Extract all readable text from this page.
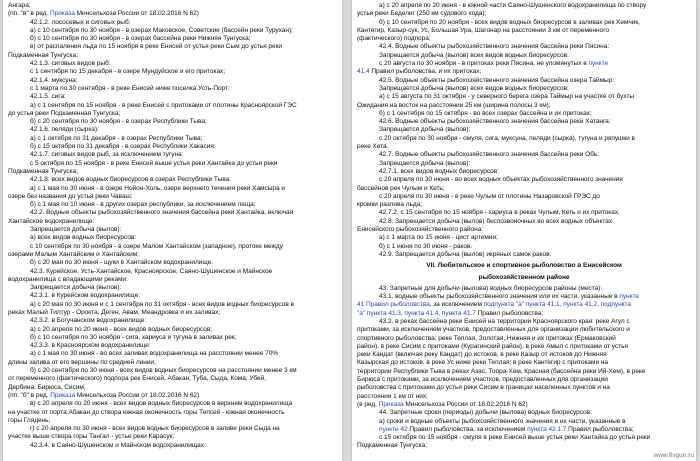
Ангара;
(пп. "в" в ред. Приказа Минсельхоза России от 18.02.2016 N 62)
42.1.2. лососевых и сиговых рыб:
а) с 10 сентября по 30 ноября - в озерах Маковское, Советские (бассейн реки Турухан);
б) с 10 сентября по 30 ноября - в озерах бассейна реки Нижняя Тунгуска;
в) от распаления льда по 15 ноября в реке Енисей от устья реки Сым до устья реки
Подкаменная Тунгуска;
42.1.3. сиговых видов рыб:
с 1 сентября по 15 декабря - в озере Мундуйское и его притоках;
42.1.4. муксуна:
с 1 марта по 30 сентября - в реке Енисей ниже поселка Усть-Порт;
42.1.5. сига:
а) с 1 сентября по 15 ноября - в реке Енисей с притоками от плотины Красноярской ГЭС
до устья реки Подкаменная Тунгуска;
б) с 20 сентября по 30 ноября - в озерах Республики Тыва;
42.1.6. пеляди (сырка):
а) с 1 октября по 31 декабря - в озерах Республики Тыва;
б) с 15 октября по 31 декабря - в озерах Республики Хакасия;
42.1.7. сиговых видов рыб, за исключением тугуна:
с 5 октября по 15 ноября - в реке Енисей выше устья реки Хантайка до устья реки
Подкаменная Тунгуска;
42.1.8. всех видов водных биоресурсов в озерах Республики Тыва:
а) с 1 мая по 30 июня - в озере Нойон-Холь, озере верхнего течения реки Хамсыра и
озере без названия до устья реки Чаваш;
б) с 1 мая по 10 июня - в других озерах республики, за исключением леща;
42.2. Водные объекты рыбохозяйственного значения бассейна реки Хантайка, включая
Хантайское водохранилище:
Запрещается добыча (вылов):
а) всех видов водных биоресурсов:
с 10 сентября по 30 ноября - в озере Малом Хантайском (западное), протоке между
озерами Малым Хантайским и Хантайским;
б) с 20 мая по 30 июня - щуки в Хантайском водохранилище.
42.3. Курейское, Усть-Хантайское, Красноярское, Саяно-Шушенское и Майнское
водохранилища с впадающими реками:
Запрещается добыча (вылов):
42.3.1. в Курейском водохранилище:
а) с 20 мая по 30 июня и с 1 сентября по 31 октября - всех видов водных биоресурсов в
реках Малый Тилтур - Ороктa, Деген, Авам, Меандрoвка и их заливах;
42.3.2. в Богучанском водохранилище:
а) с 20 апреля по 20 июня - всех видов водных биоресурсов;
б) с 10 сентября по 30 ноября - сига, хариуса и тугуна в заливах рек;
42.3.3. в Красноярском водохранилище:
а) с 1 мая по 30 июня - во всех заливах водохранилища на расстоянии менее 70%
длины залива от его вершины по средней линии;
б) с 20 сентября по 30 июня - всех видов водных биоресурсов на расстоянии менее 3 км
от переменного (фактического) подпора рек Енисей, Абакан, Туба, Сыда, Кома, Убей,
Дербина, Бирюса, Сисим;
(пп. "б" в ред. Приказа Минсельхоза России от 18.02.2016 N 62)
в) с 20 апреля по 20 июня - всех видов водных биоресурсов в верхнем водохранилища
на участке от порта Абакан до створа южная оконечность горы Тепсей - южная оконечность
горы Глядень;
г) с 20 апреля по 30 июня - всех видов водных биоресурсов в заливе реки Сыда на
участке выше створа горы Тангал - устье реки Карасук;
42.3.4. в Саяно-Шушенском и Майнском водохранилищах:
а) с 20 апреля по 20 июня - в южной части Саяно-Шушенского водохранилища по створу
устья реки Беделиг (250 км судового хода);
б) с 10 сентября по 20 ноября - всех видов водных биоресурсов в заливах рек Хемчик,
Кантегир, Казыр-сук, Ус, Большая Ура, Шагонар на расстоянии 3 км от переменного
(фактического) подпора;
42.4. Водные объекты рыбохозяйственного значения бассейна реки Пясина:
Запрещается добыча (вылов) всех видов водных биоресурсов:
с 20 августа по 30 ноября - в притоках реки Пясина, не упомянутых в пункте
41.4 Правил рыболовства, и их притоках;
42.5. Водные объекты рыбохозяйственного значения бассейна озера Таймыр:
Запрещается добыча (вылов) всех видов водных биоресурсов:
а) с 15 августа по 31 октября - у северного берега озера Таймыр на участке от бухты
Ожидания на восток на расстоянии 25 км (ширина полосы 3 км);
б) с 1 сентября по 15 октября - во всех озерах бассейна и их притоках;
42.6. Водные объекты рыбохозяйственного значения бассейна реки Хатанга:
Запрещается добыча (вылов):
с 20 октября по 30 ноября - омуля, сига, муксуна, пеляди (сырка), тугуна и ряпушки в
реке Хета.
42.7. Водные объекты рыбохозяйственного значения бассейна реки Обь:
Запрещается добыча (вылов):
42.7.1. всех видов водных биоресурсов:
с 20 апреля по 30 июня - во всех водных объектах рыбохозяйственного значения
бассейнов рек Чулым и Кеть;
с 20 апреля по 30 июня - в реке Чулым от плотины Назаровской ГРЭС до
кромки разлива льда;
42.7.2. с 15 сентября по 15 ноября - хариуса в реках Чулым, Кеть и их притоках.
42.8. Запрещается добыча (вылов) беспозвоночных во всех водных объектах
Енисейского рыбохозяйственного района:
а) с 1 марта по 15 июня - цист артемии;
б) с 1 июня по 30 июня - раков.
42.9. Запрещается добыча (вылов) икряных самок раков.
VII. Любительское и спортивное рыболовство в Енисейском
рыбохозяйственном районе
43. Запретные для добычи (вылова) водных биоресурсов районы (места):
43.1. водные объекты рыбохозяйственного значения или их части, указанные в пункте
41 Правил рыболовства, за исключением подпункта "а" пункта 41.1, пункта 41.2, подпункта
"а" пункта 41.3, пункта 41.4, пункта 41.7 Правил рыболовства;
43.2. в реках бассейна реки Енисей на территории Красноярского края: реке Агул с
притоками, за исключением участков, предоставленных для организации любительского и
спортивного рыболовства; реке Теплая, Золотая, Нижняя и их притоках (Ермаковский
район), в реке Сисим с притоками (Курагинский район), в реке Амыл с притоками от устья
реки Кандат (включая реку Кандат) до истоков, в реке Казыр от истоков до Нижняя
Казырская до истоков, в реке Ус ниже реки Теплая; в реке Кантегир с притоками на
территории Республики Тыва в реках Азас, Тоора-Хем, Красная (бассейна реки Ий-Хем), в реке
Бирюса с притоками, за исключением участков, предоставленных для организации
рыболовства с притоками до устья реки Сисим в границах населенных пунктов и на
расстоянии 1 км от них;
(в ред. Приказа Минсельхоза России от 18.02.2016 N 62)
44. Запретные сроки (периоды) добычи (вылова) водных биоресурсов:
а) сроки и водные объекты рыбохозяйственного значения и их части, указанные в
пункте 42 Правил рыболовства, за исключением пункта 42.1.7 Правил рыболовства;
с 15 октября по 15 ноября - омуля в реке Енисей выше устья реки Хантайка до устья реки
Подкаменная Тунгуска;
www.fisgun.ru
